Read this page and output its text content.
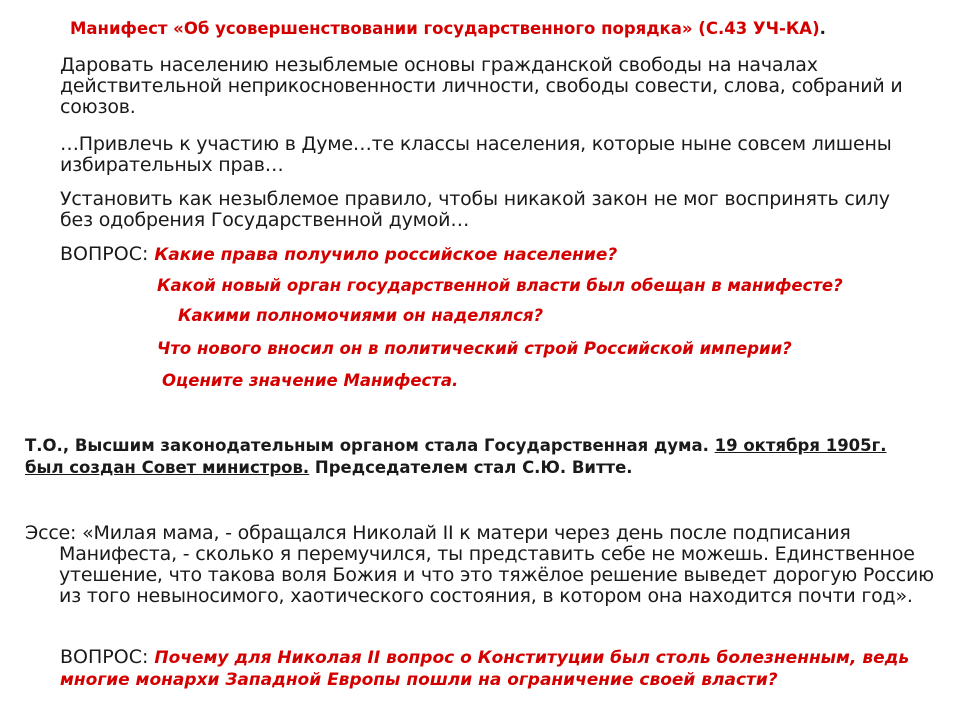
Манифест «Об усовершенствовании государственного порядка» (С.43 УЧ-КА).

Даровать населению незыблемые основы гражданской свободы на началах действительной неприкосновенности личности, свободы совести, слова, собраний и союзов.

…Привлечь к участию в Думе…те классы населения, которые ныне совсем лишены избирательных прав…

Установить как незыблемое правило, чтобы никакой закон не мог воспринять силу без одобрения Государственной думой…

ВОПРОС: Какие права получило российское население?

Какой новый орган государственной власти был обещан в манифесте?

Какими полномочиями он наделялся?

Что нового вносил он в политический строй Российской империи?

Оцените значение Манифеста.

Т.О., Высшим законодательным органом стала Государственная дума. 19 октября 1905г. был создан Совет министров. Председателем стал С.Ю. Витте.

Эссе: «Милая мама, - обращался Николай II к матери через день после подписания
Манифеста, - сколько я перемучился, ты представить себе не можешь. Единственное утешение, что такова воля Божия и что это тяжёлое решение выведет дорогую Россию из того невыносимого, хаотического состояния, в котором она находится почти год».

ВОПРОС: Почему для Николая II вопрос о Конституции был столь болезненным, ведь многие монархи Западной Европы пошли на ограничение своей власти?
